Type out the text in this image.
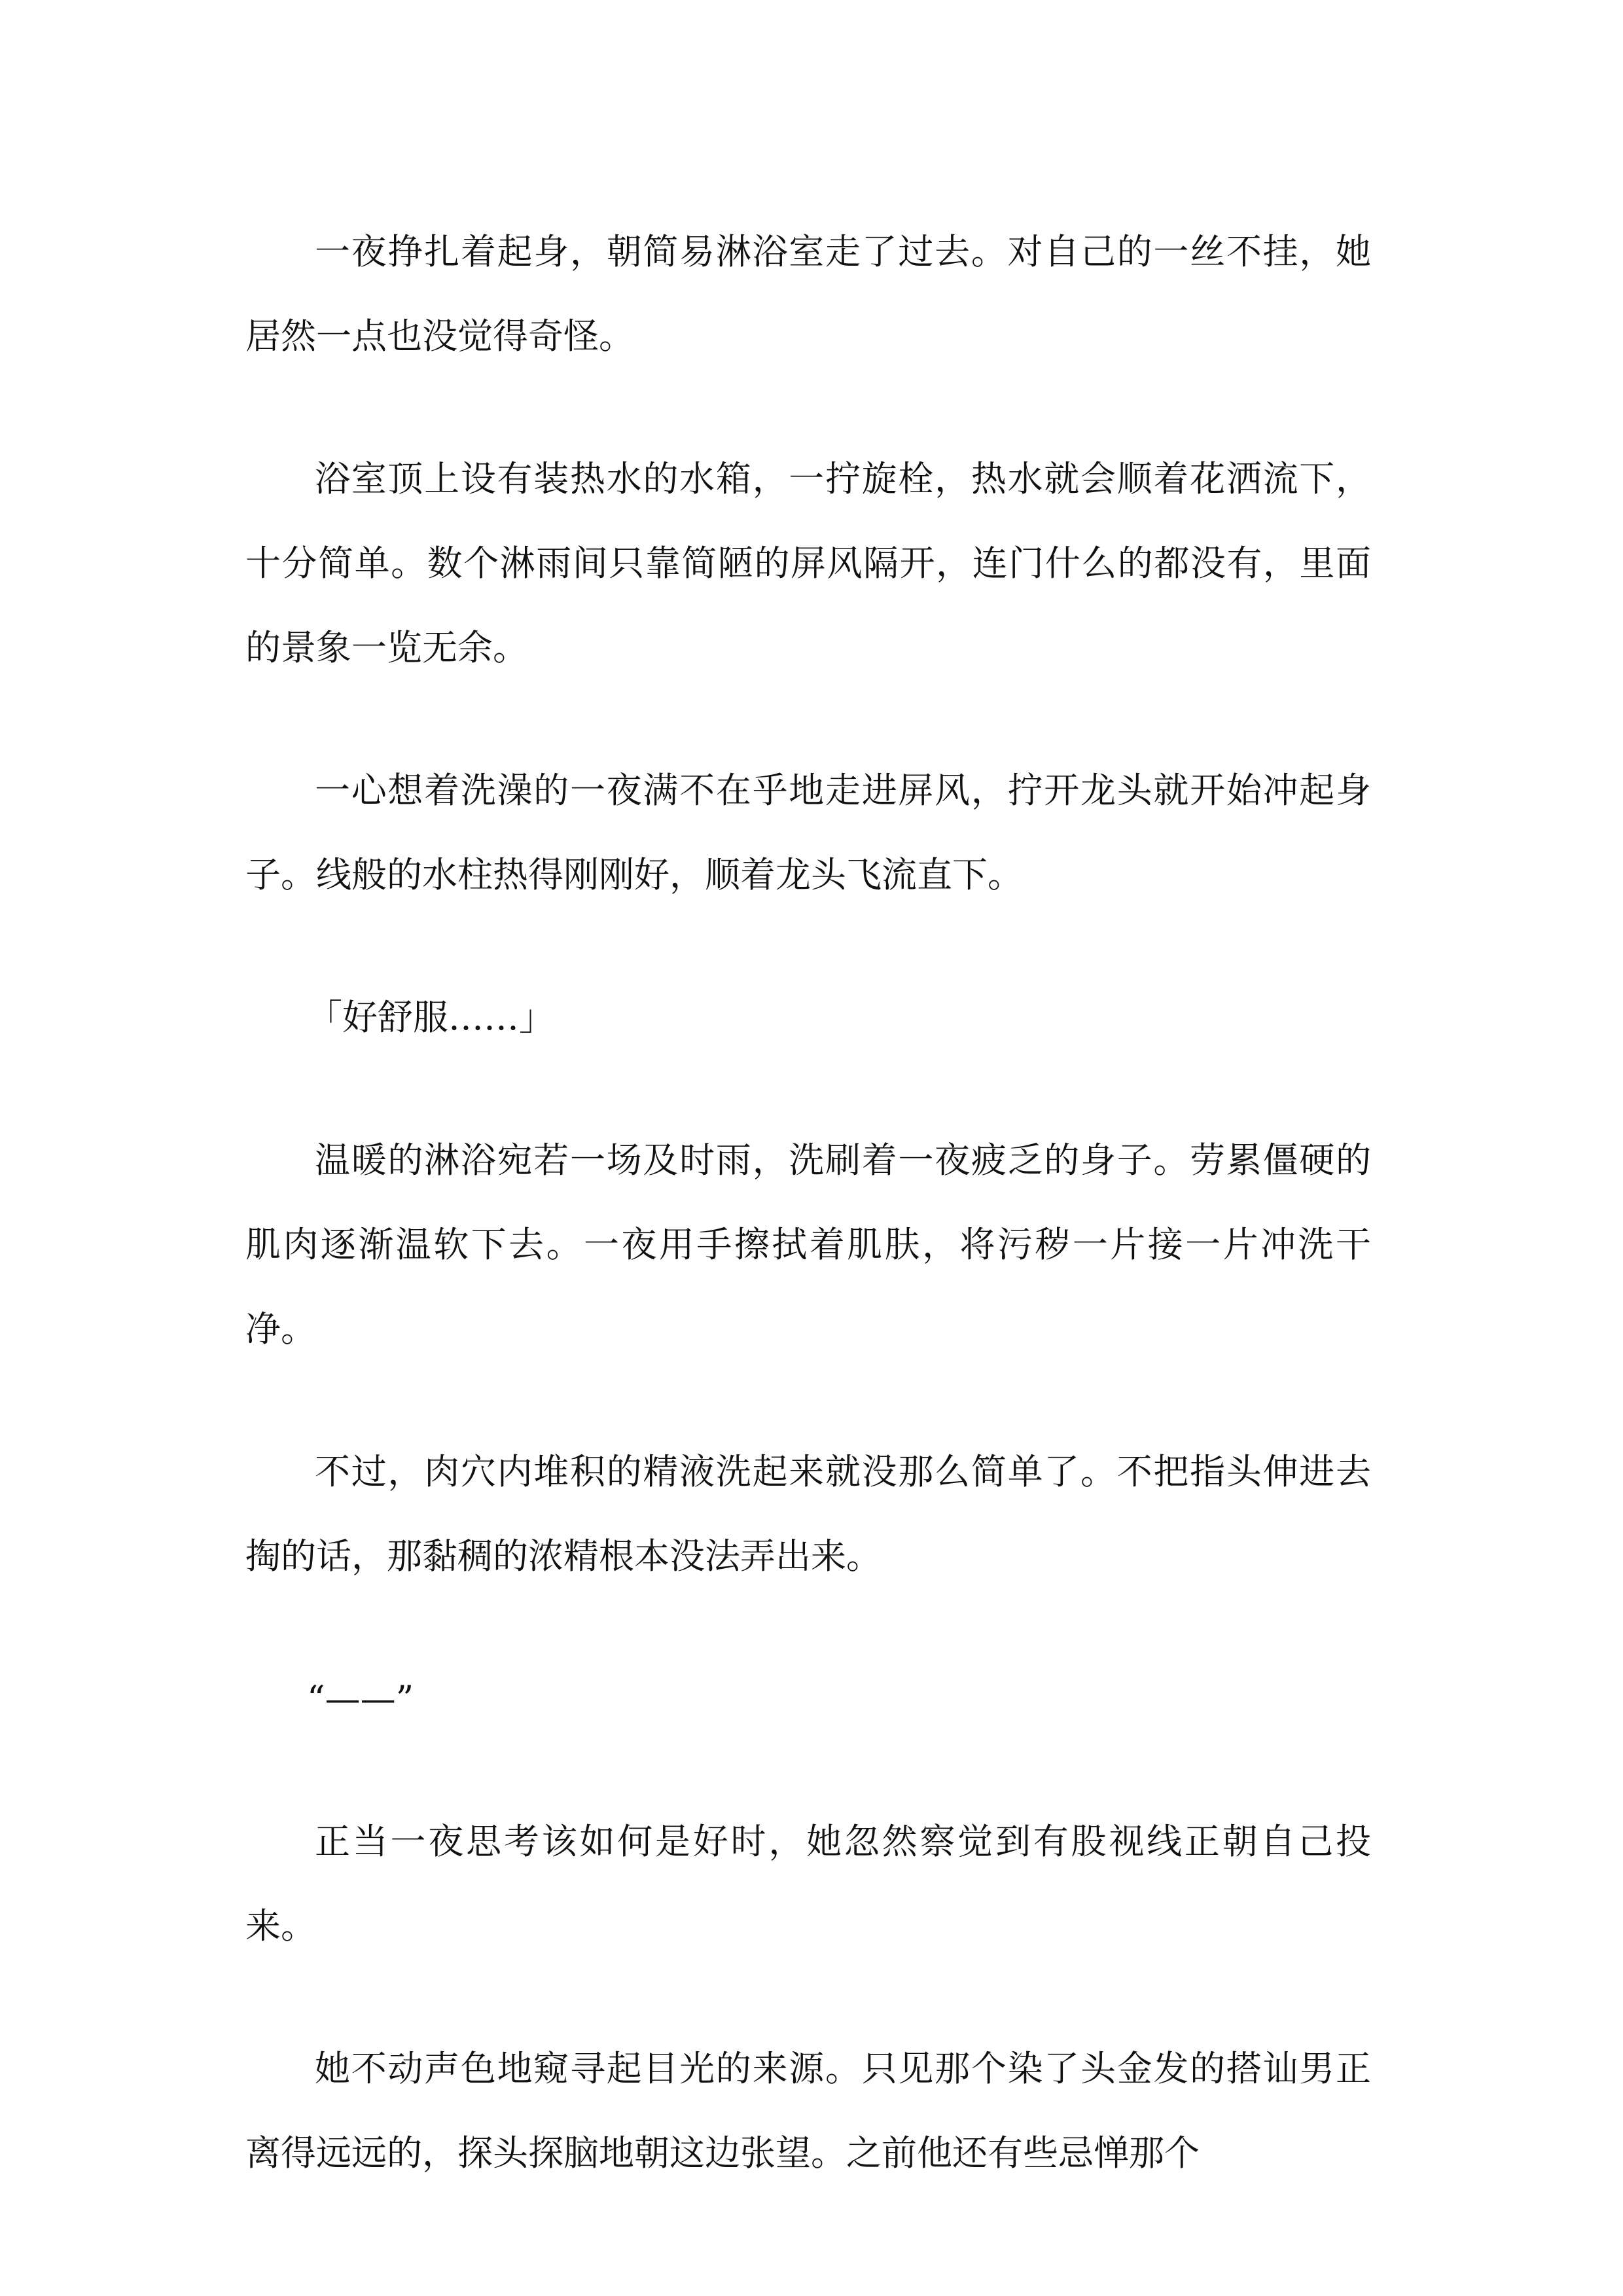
一夜挣扎着起身，朝简易淋浴室走了过去。对自己的一丝不挂，她居然一点也没觉得奇怪。

浴室顶上设有装热水的水箱，一拧旋栓，热水就会顺着花洒流下，十分简单。数个淋雨间只靠简陋的屏风隔开，连门什么的都没有，里面的景象一览无余。

一心想着洗澡的一夜满不在乎地走进屏风，拧开龙头就开始冲起身子。线般的水柱热得刚刚好，顺着龙头飞流直下。

「好舒服……」

温暖的淋浴宛若一场及时雨，洗刷着一夜疲乏的身子。劳累僵硬的肌肉逐渐温软下去。一夜用手擦拭着肌肤，将污秽一片接一片冲洗干净。

不过，肉穴内堆积的精液洗起来就没那么简单了。不把指头伸进去掏的话，那黏稠的浓精根本没法弄出来。

“——”

正当一夜思考该如何是好时，她忽然察觉到有股视线正朝自己投来。

她不动声色地窥寻起目光的来源。只见那个染了头金发的搭讪男正离得远远的，探头探脑地朝这边张望。之前他还有些忌惮那个
